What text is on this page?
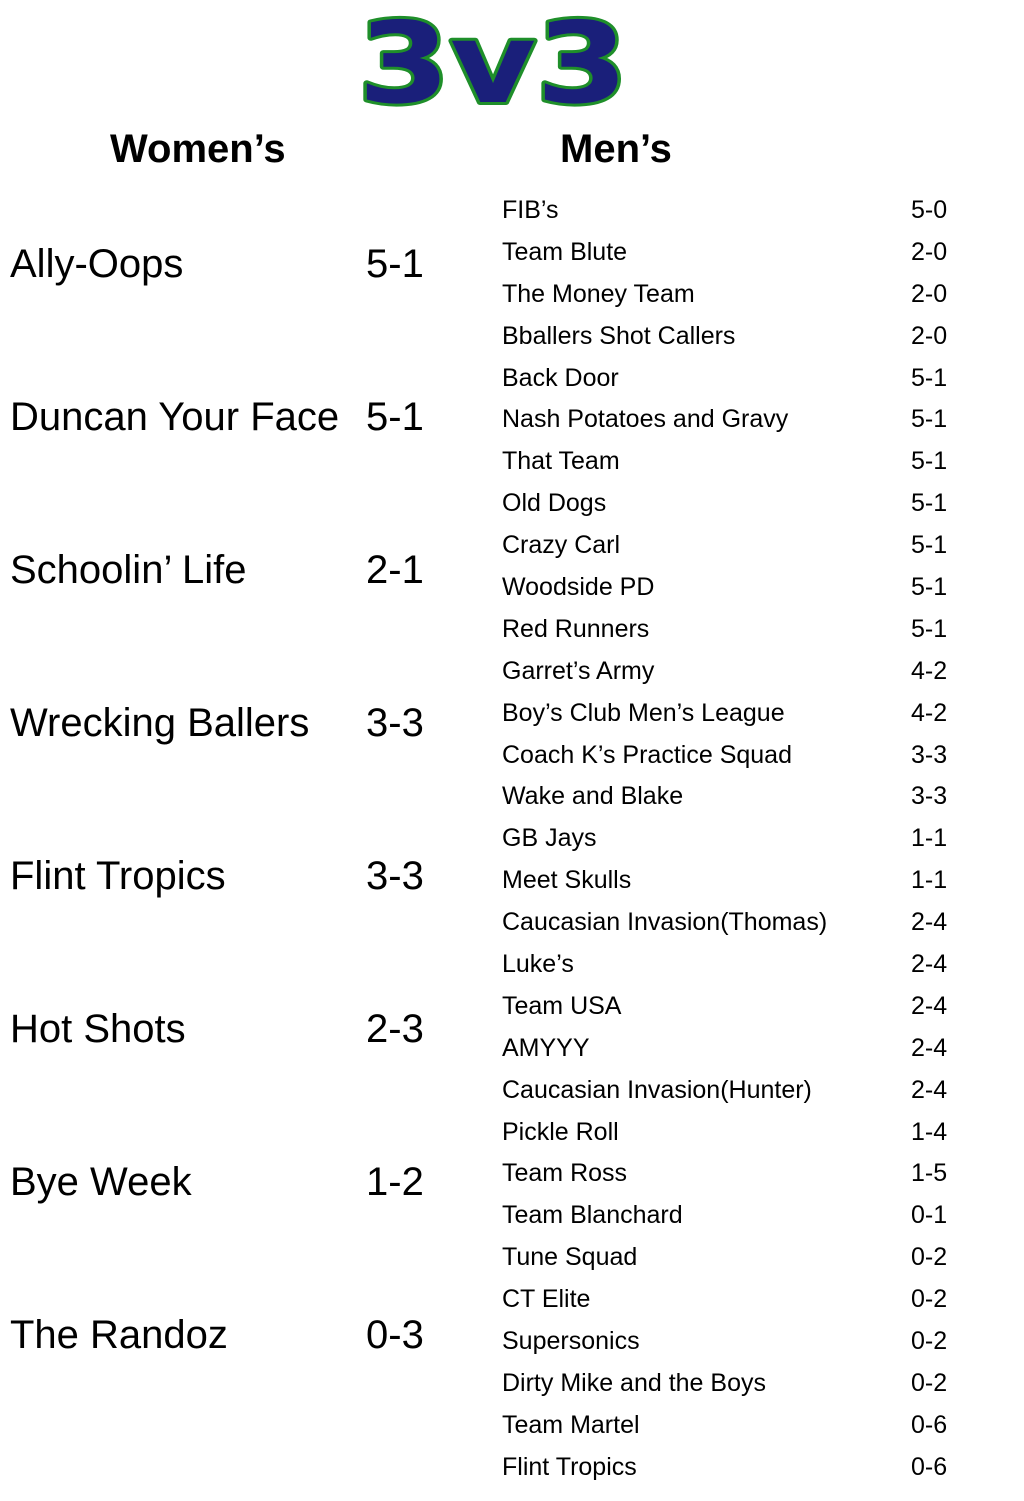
3v3
Women’s	Men’s
Ally-Oops	5-1
Duncan Your Face 5-1
Schoolin’ Life	2-1
Wrecking Ballers 3-3
Flint Tropics	3-3
Hot Shots	2-3
Bye Week	1-2
The Randoz	0-3
FIB’s	5-0
Team Blute	2-0
The Money Team	2-0
Bballers Shot Callers	2-0
Back Door	5-1
Nash Potatoes and Gravy	5-1
That Team	5-1
Old Dogs	5-1
Crazy Carl	5-1
Woodside PD	5-1
Red Runners	5-1
Garret’s Army	4-2
Boy’s Club Men’s League	4-2
Coach K’s Practice Squad	3-3
Wake and Blake	3-3
GB Jays	1-1
Meet Skulls	1-1
Caucasian Invasion(Thomas)	2-4
Luke’s	2-4
Team USA	2-4
AMYYY	2-4
Caucasian Invasion(Hunter)	2-4
Pickle Roll	1-4
Team Ross	1-5
Team Blanchard	0-1
Tune Squad	0-2
CT Elite	0-2
Supersonics	0-2
Dirty Mike and the Boys	0-2
Team Martel	0-6
Flint Tropics	0-6
